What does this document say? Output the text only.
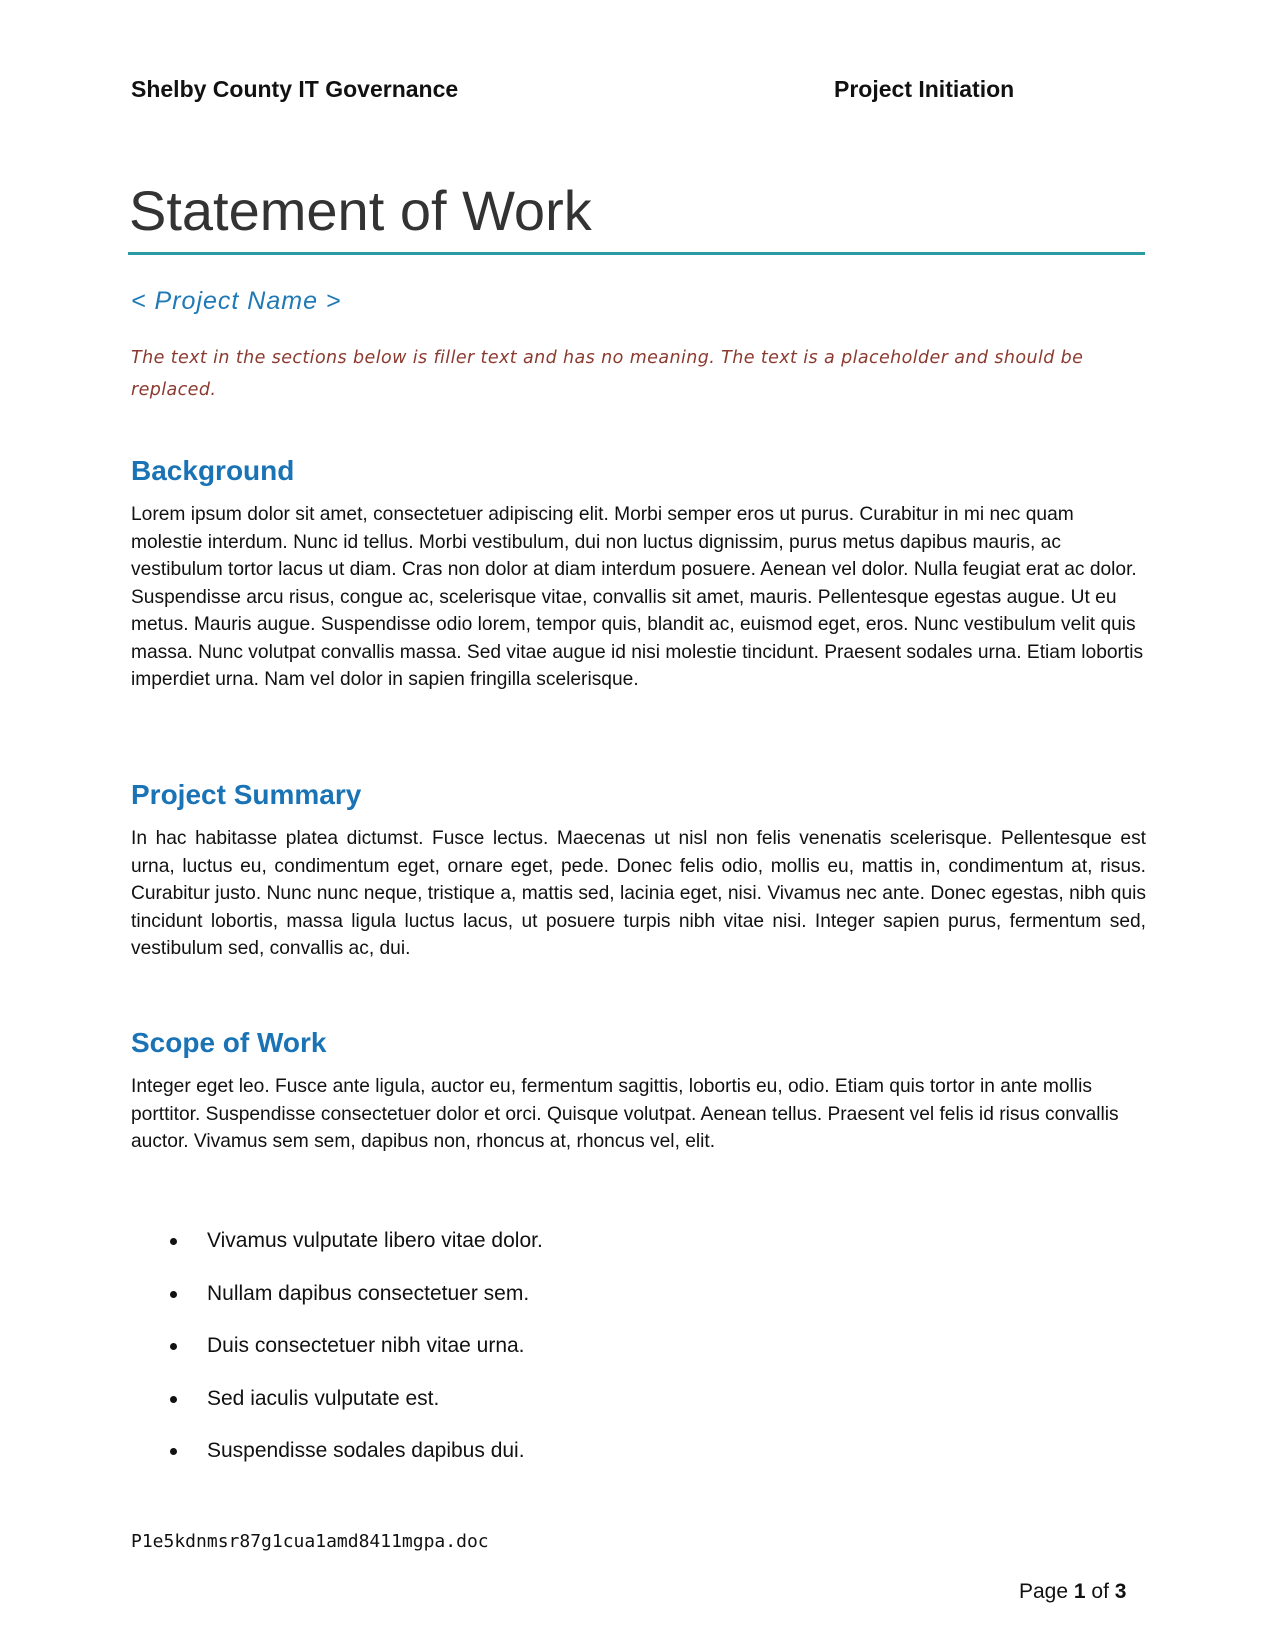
Shelby County IT Governance	Project Initiation
Statement of Work
< Project Name >
The text in the sections below is filler text and has no meaning. The text is a placeholder and should be replaced.
Background

Lorem ipsum dolor sit amet, consectetuer adipiscing elit. Morbi semper eros ut purus. Curabitur in mi nec quam molestie interdum. Nunc id tellus. Morbi vestibulum, dui non luctus dignissim, purus metus dapibus mauris, ac vestibulum tortor lacus ut diam. Cras non dolor at diam interdum posuere. Aenean vel dolor. Nulla feugiat erat ac dolor. Suspendisse arcu risus, congue ac, scelerisque vitae, convallis sit amet, mauris. Pellentesque egestas augue. Ut eu metus. Mauris augue. Suspendisse odio lorem, tempor quis, blandit ac, euismod eget, eros. Nunc vestibulum velit quis massa. Nunc volutpat convallis massa. Sed vitae augue id nisi molestie tincidunt. Praesent sodales urna. Etiam lobortis imperdiet urna. Nam vel dolor in sapien fringilla scelerisque.

Project Summary

In hac habitasse platea dictumst. Fusce lectus. Maecenas ut nisl non felis venenatis scelerisque. Pellentesque est urna, luctus eu, condimentum eget, ornare eget, pede. Donec felis odio, mollis eu, mattis in, condimentum at, risus. Curabitur justo. Nunc nunc neque, tristique a, mattis sed, lacinia eget, nisi. Vivamus nec ante. Donec egestas, nibh quis tincidunt lobortis, massa ligula luctus lacus, ut posuere turpis nibh vitae nisi. Integer sapien purus, fermentum sed, vestibulum sed, convallis ac, dui.

Scope of Work

Integer eget leo. Fusce ante ligula, auctor eu, fermentum sagittis, lobortis eu, odio. Etiam quis tortor in ante mollis porttitor. Suspendisse consectetuer dolor et orci. Quisque volutpat. Aenean tellus. Praesent vel felis id risus convallis auctor. Vivamus sem sem, dapibus non, rhoncus at, rhoncus vel, elit.

Vivamus vulputate libero vitae dolor.
Nullam dapibus consectetuer sem.
Duis consectetuer nibh vitae urna.
Sed iaculis vulputate est.
Suspendisse sodales dapibus dui.
P1e5kdnmsr87g1cua1amd8411mgpa.doc
Page 1 of 3
